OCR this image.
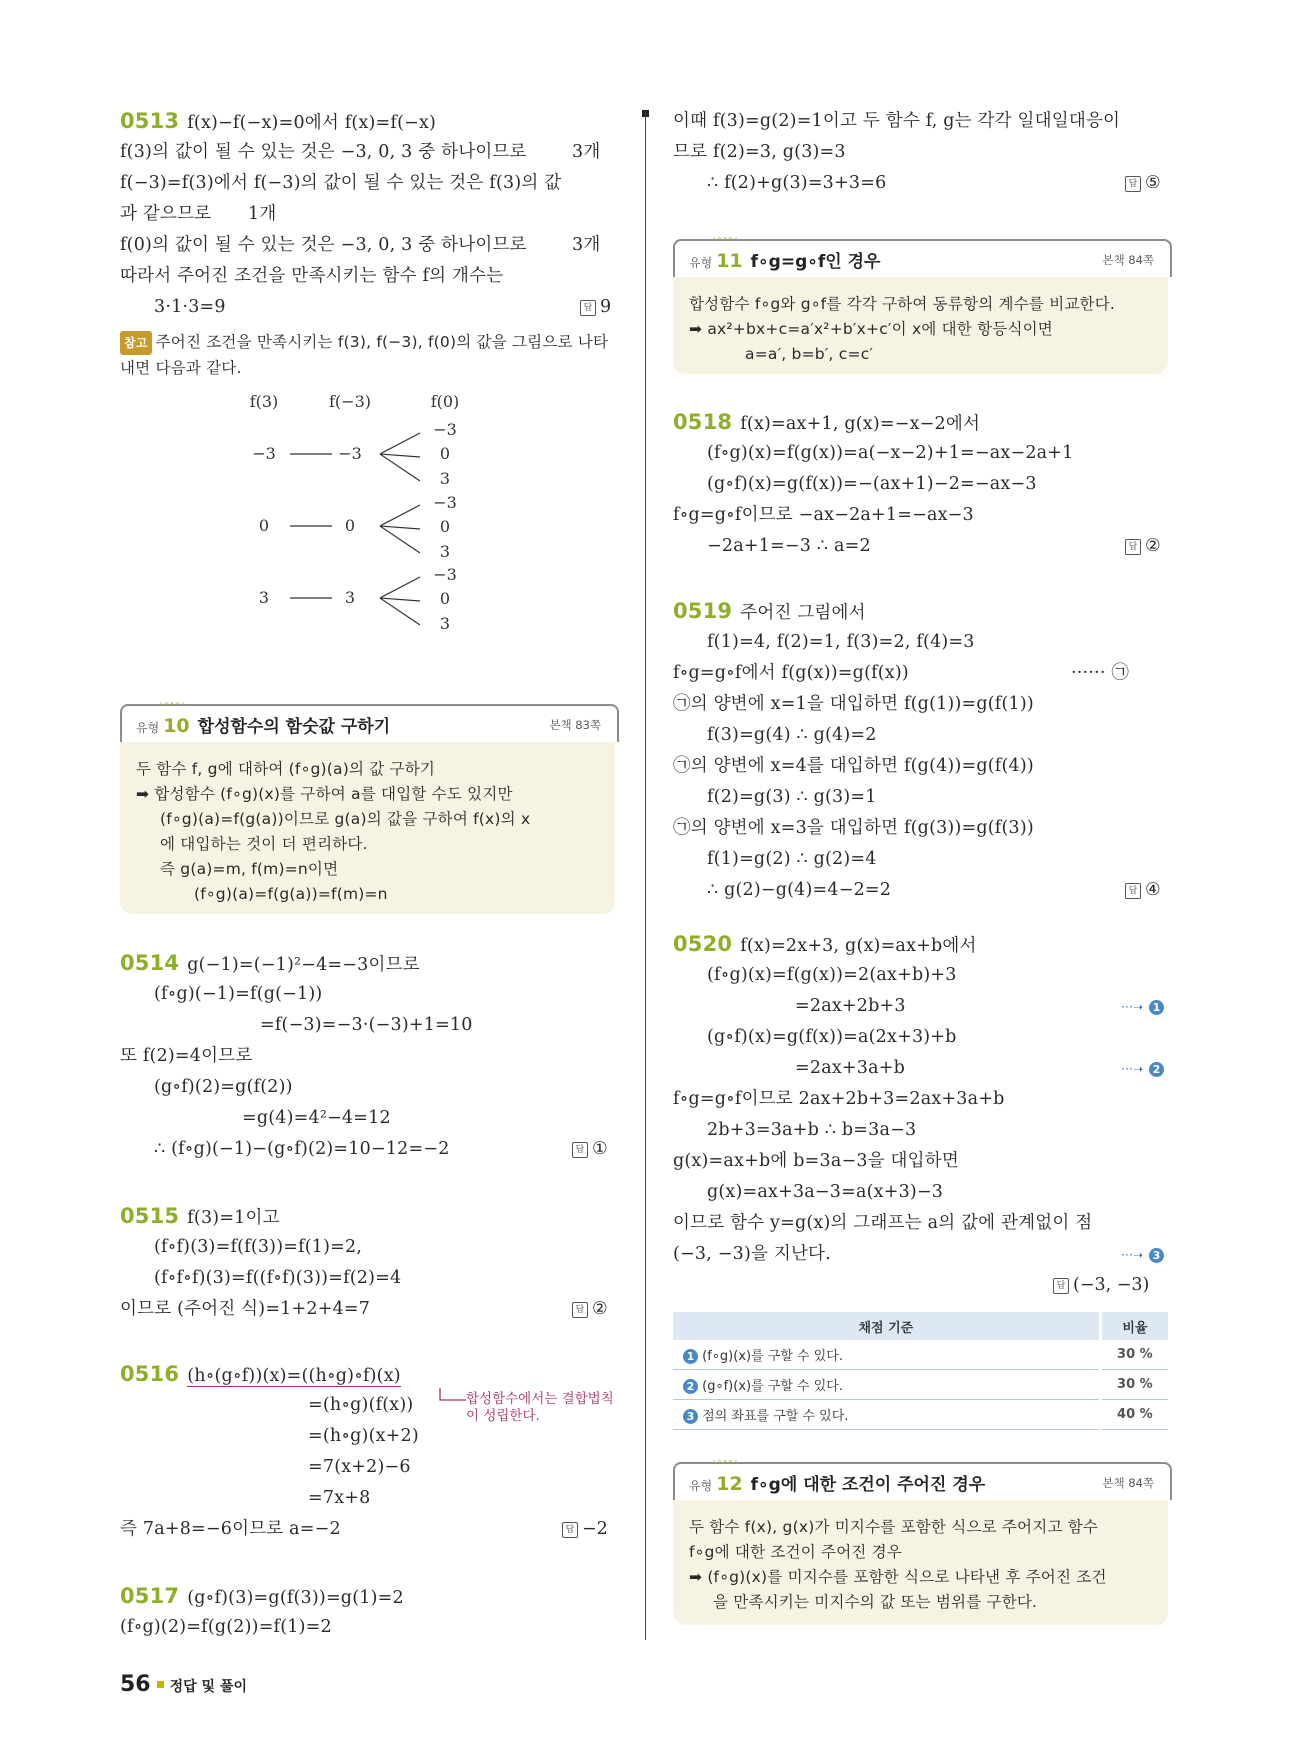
0513 f(x)−f(−x)=0에서 f(x)=f(−x)
f(3)의 값이 될 수 있는 것은 −3, 0, 3 중 하나이므로	3개
f(−3)=f(3)에서 f(−3)의 값이 될 수 있는 것은 f(3)의 값
과 같으므로 1개
f(0)의 값이 될 수 있는 것은 −3, 0, 3 중 하나이므로	3개
따라서 주어진 조건을 만족시키는 함수 f의 개수는
3·1·3=9	답 9
참고 주어진 조건을 만족시키는 f(3), f(−3), f(0)의 값을 그림으로 나타
내면 다음과 같다.
f(3)	f(−3)	f(0)
−3	−3
−3
0
3
0	0
−3
0
3
3	3
−3
0
3
〰〰
유형 10 합성함수의 함숫값 구하기	본책 83쪽
두 함수 f, g에 대하여 (f∘g)(a)의 값 구하기
➡ 합성함수 (f∘g)(x)를 구하여 a를 대입할 수도 있지만
(f∘g)(a)=f(g(a))이므로 g(a)의 값을 구하여 f(x)의 x
에 대입하는 것이 더 편리하다.
즉 g(a)=m, f(m)=n이면
(f∘g)(a)=f(g(a))=f(m)=n
0514 g(−1)=(−1)²−4=−3이므로
(f∘g)(−1)=f(g(−1))
=f(−3)=−3·(−3)+1=10
또 f(2)=4이므로
(g∘f)(2)=g(f(2))
=g(4)=4²−4=12
∴ (f∘g)(−1)−(g∘f)(2)=10−12=−2	답 ①
0515 f(3)=1이고
(f∘f)(3)=f(f(3))=f(1)=2,
(f∘f∘f)(3)=f((f∘f)(3))=f(2)=4
이므로 (주어진 식)=1+2+4=7	답 ②
0516 (h∘(g∘f))(x)=((h∘g)∘f)(x)
합성함수에서는 결합법칙
이 성립한다.
=(h∘g)(f(x))
=(h∘g)(x+2)
=7(x+2)−6
=7x+8
즉 7a+8=−6이므로 a=−2	답 −2
0517 (g∘f)(3)=g(f(3))=g(1)=2
(f∘g)(2)=f(g(2))=f(1)=2
이때 f(3)=g(2)=1이고 두 함수 f, g는 각각 일대일대응이
므로 f(2)=3, g(3)=3
∴ f(2)+g(3)=3+3=6	답 ⑤
〰〰
유형 11 f∘g=g∘f인 경우	본책 84쪽
합성함수 f∘g와 g∘f를 각각 구하여 동류항의 계수를 비교한다.
➡ ax²+bx+c=a′x²+b′x+c′이 x에 대한 항등식이면
a=a′, b=b′, c=c′
0518 f(x)=ax+1, g(x)=−x−2에서
(f∘g)(x)=f(g(x))=a(−x−2)+1=−ax−2a+1
(g∘f)(x)=g(f(x))=−(ax+1)−2=−ax−3
f∘g=g∘f이므로 −ax−2a+1=−ax−3
−2a+1=−3 ∴ a=2	답 ②
0519 주어진 그림에서
f(1)=4, f(2)=1, f(3)=2, f(4)=3
f∘g=g∘f에서 f(g(x))=g(f(x))	······ ㉠
㉠의 양변에 x=1을 대입하면 f(g(1))=g(f(1))
f(3)=g(4) ∴ g(4)=2
㉠의 양변에 x=4를 대입하면 f(g(4))=g(f(4))
f(2)=g(3) ∴ g(3)=1
㉠의 양변에 x=3을 대입하면 f(g(3))=g(f(3))
f(1)=g(2) ∴ g(2)=4
∴ g(2)−g(4)=4−2=2	답 ④
0520 f(x)=2x+3, g(x)=ax+b에서
(f∘g)(x)=f(g(x))=2(ax+b)+3
=2ax+2b+3	···➝ 1
(g∘f)(x)=g(f(x))=a(2x+3)+b
=2ax+3a+b	···➝ 2
f∘g=g∘f이므로 2ax+2b+3=2ax+3a+b
2b+3=3a+b ∴ b=3a−3
g(x)=ax+b에 b=3a−3을 대입하면
g(x)=ax+3a−3=a(x+3)−3
이므로 함수 y=g(x)의 그래프는 a의 값에 관계없이 점
(−3, −3)을 지난다.	···➝ 3
답 (−3, −3)
채점 기준	비율
1 (f∘g)(x)를 구할 수 있다.	30 %
2 (g∘f)(x)를 구할 수 있다.	30 %
3 점의 좌표를 구할 수 있다.	40 %
〰〰
유형 12 f∘g에 대한 조건이 주어진 경우	본책 84쪽
두 함수 f(x), g(x)가 미지수를 포함한 식으로 주어지고 함수
f∘g에 대한 조건이 주어진 경우
➡ (f∘g)(x)를 미지수를 포함한 식으로 나타낸 후 주어진 조건
을 만족시키는 미지수의 값 또는 범위를 구한다.
56 정답 및 풀이
